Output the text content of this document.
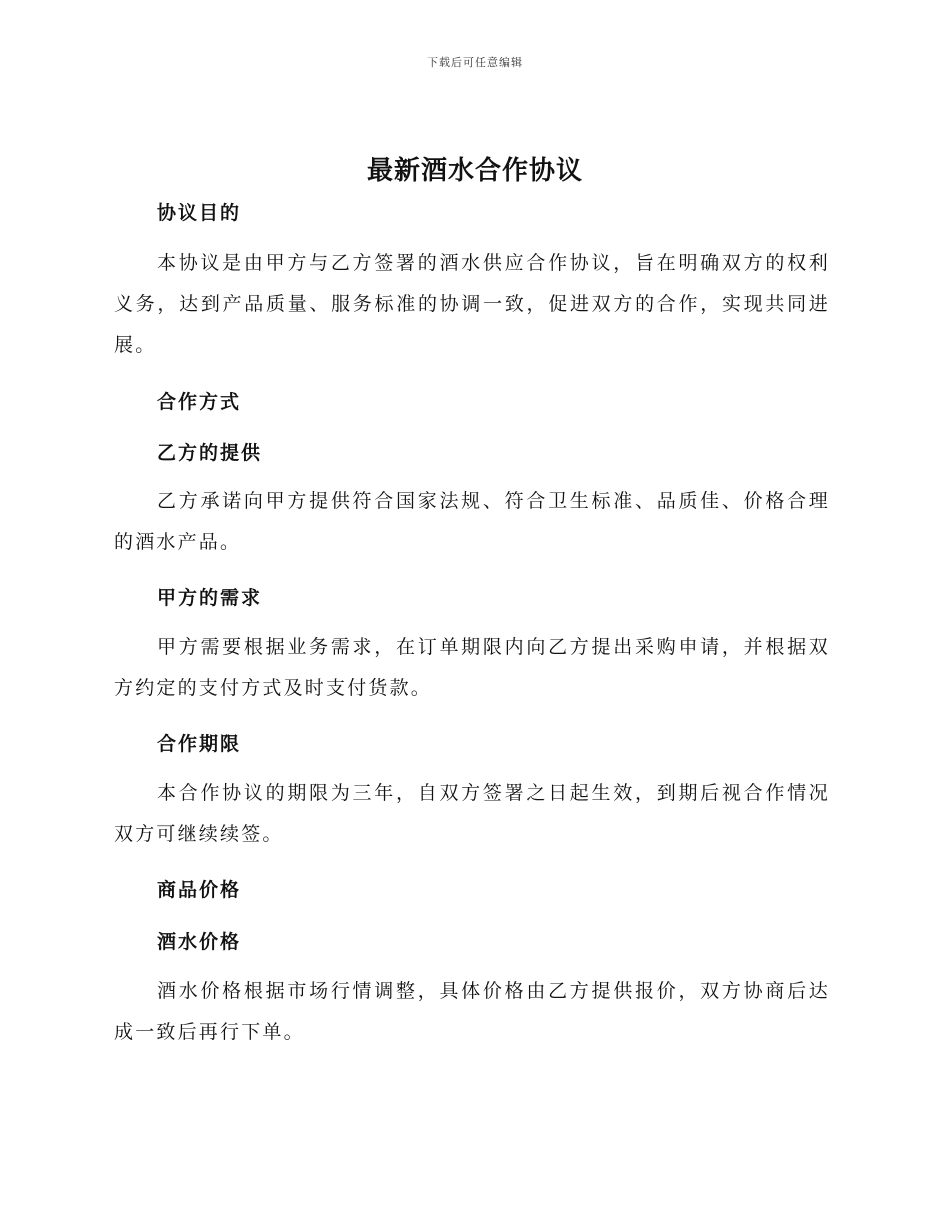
下载后可任意编辑
最新酒水合作协议
协议目的

本协议是由甲方与乙方签署的酒水供应合作协议，旨在明确双方的权利义务，达到产品质量、服务标准的协调一致，促进双方的合作，实现共同进展。

合作方式
乙方的提供

乙方承诺向甲方提供符合国家法规、符合卫生标准、品质佳、价格合理的酒水产品。

甲方的需求

甲方需要根据业务需求，在订单期限内向乙方提出采购申请，并根据双方约定的支付方式及时支付货款。

合作期限

本合作协议的期限为三年，自双方签署之日起生效，到期后视合作情况双方可继续续签。

商品价格
酒水价格

酒水价格根据市场行情调整，具体价格由乙方提供报价，双方协商后达成一致后再行下单。
